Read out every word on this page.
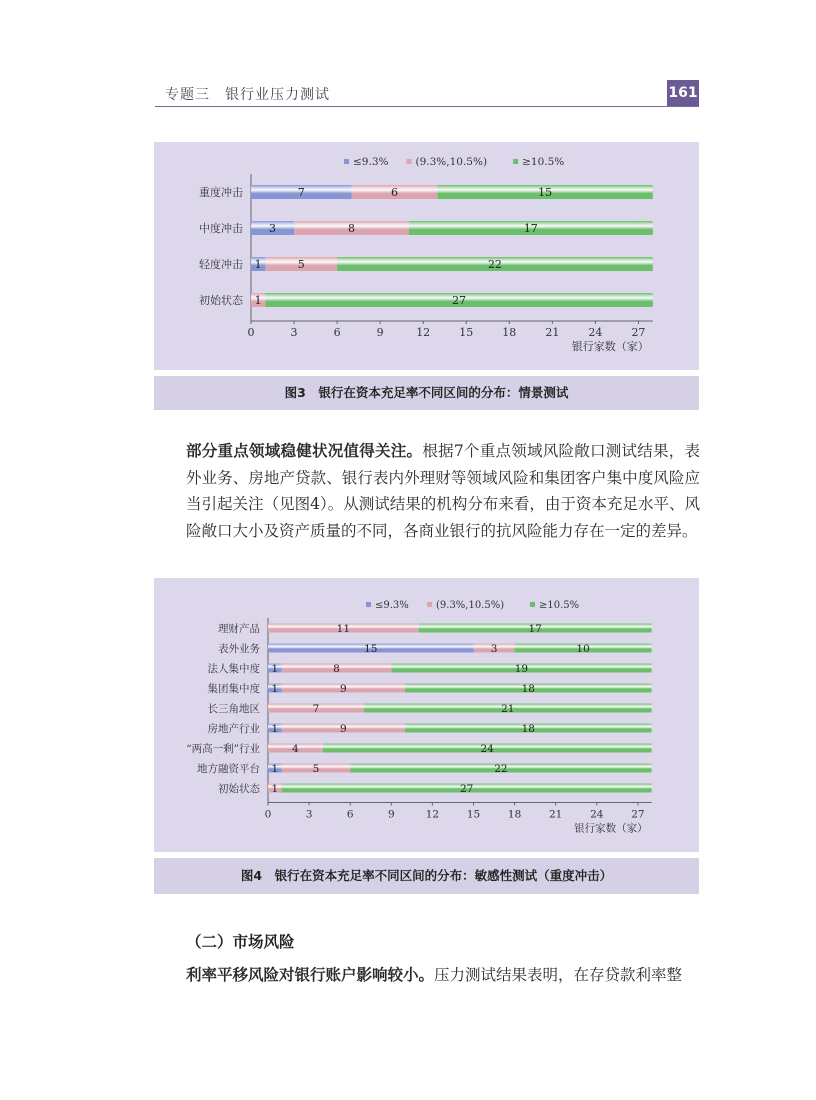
专题三　银行业压力测试	161
≤9.3%	(9.3%,10.5%)	≥10.5%
0	3	6	9	12	15	18	21	24	27
银行家数（家）
重度冲击	7	6	15
中度冲击 3	8	17
轻度冲击 1	5	22
初始状态 1	27
图3　银行在资本充足率不同区间的分布：情景测试
部分重点领域稳健状况值得关注。根据7个重点领域风险敞口测试结果，表外业务、房地产贷款、银行表内外理财等领域风险和集团客户集中度风险应当引起关注（见图4）。从测试结果的机构分布来看，由于资本充足水平、风险敞口大小及资产质量的不同，各商业银行的抗风险能力存在一定的差异。
≤9.3%	(9.3%,10.5%)	≥10.5%
0	3	6	9	12	15	18	21	24	27
银行家数（家）
理财产品	11	17
表外业务	15	3	10
法人集中度 1	8	19
集团集中度 1	9	18
长三角地区	7	21
房地产行业 1	9	18
“两高一剩”行业	4	24
地方融资平台 1	5	22
初始状态 1	27
图4　银行在资本充足率不同区间的分布：敏感性测试（重度冲击）
（二）市场风险
利率平移风险对银行账户影响较小。压力测试结果表明，在存贷款利率整
